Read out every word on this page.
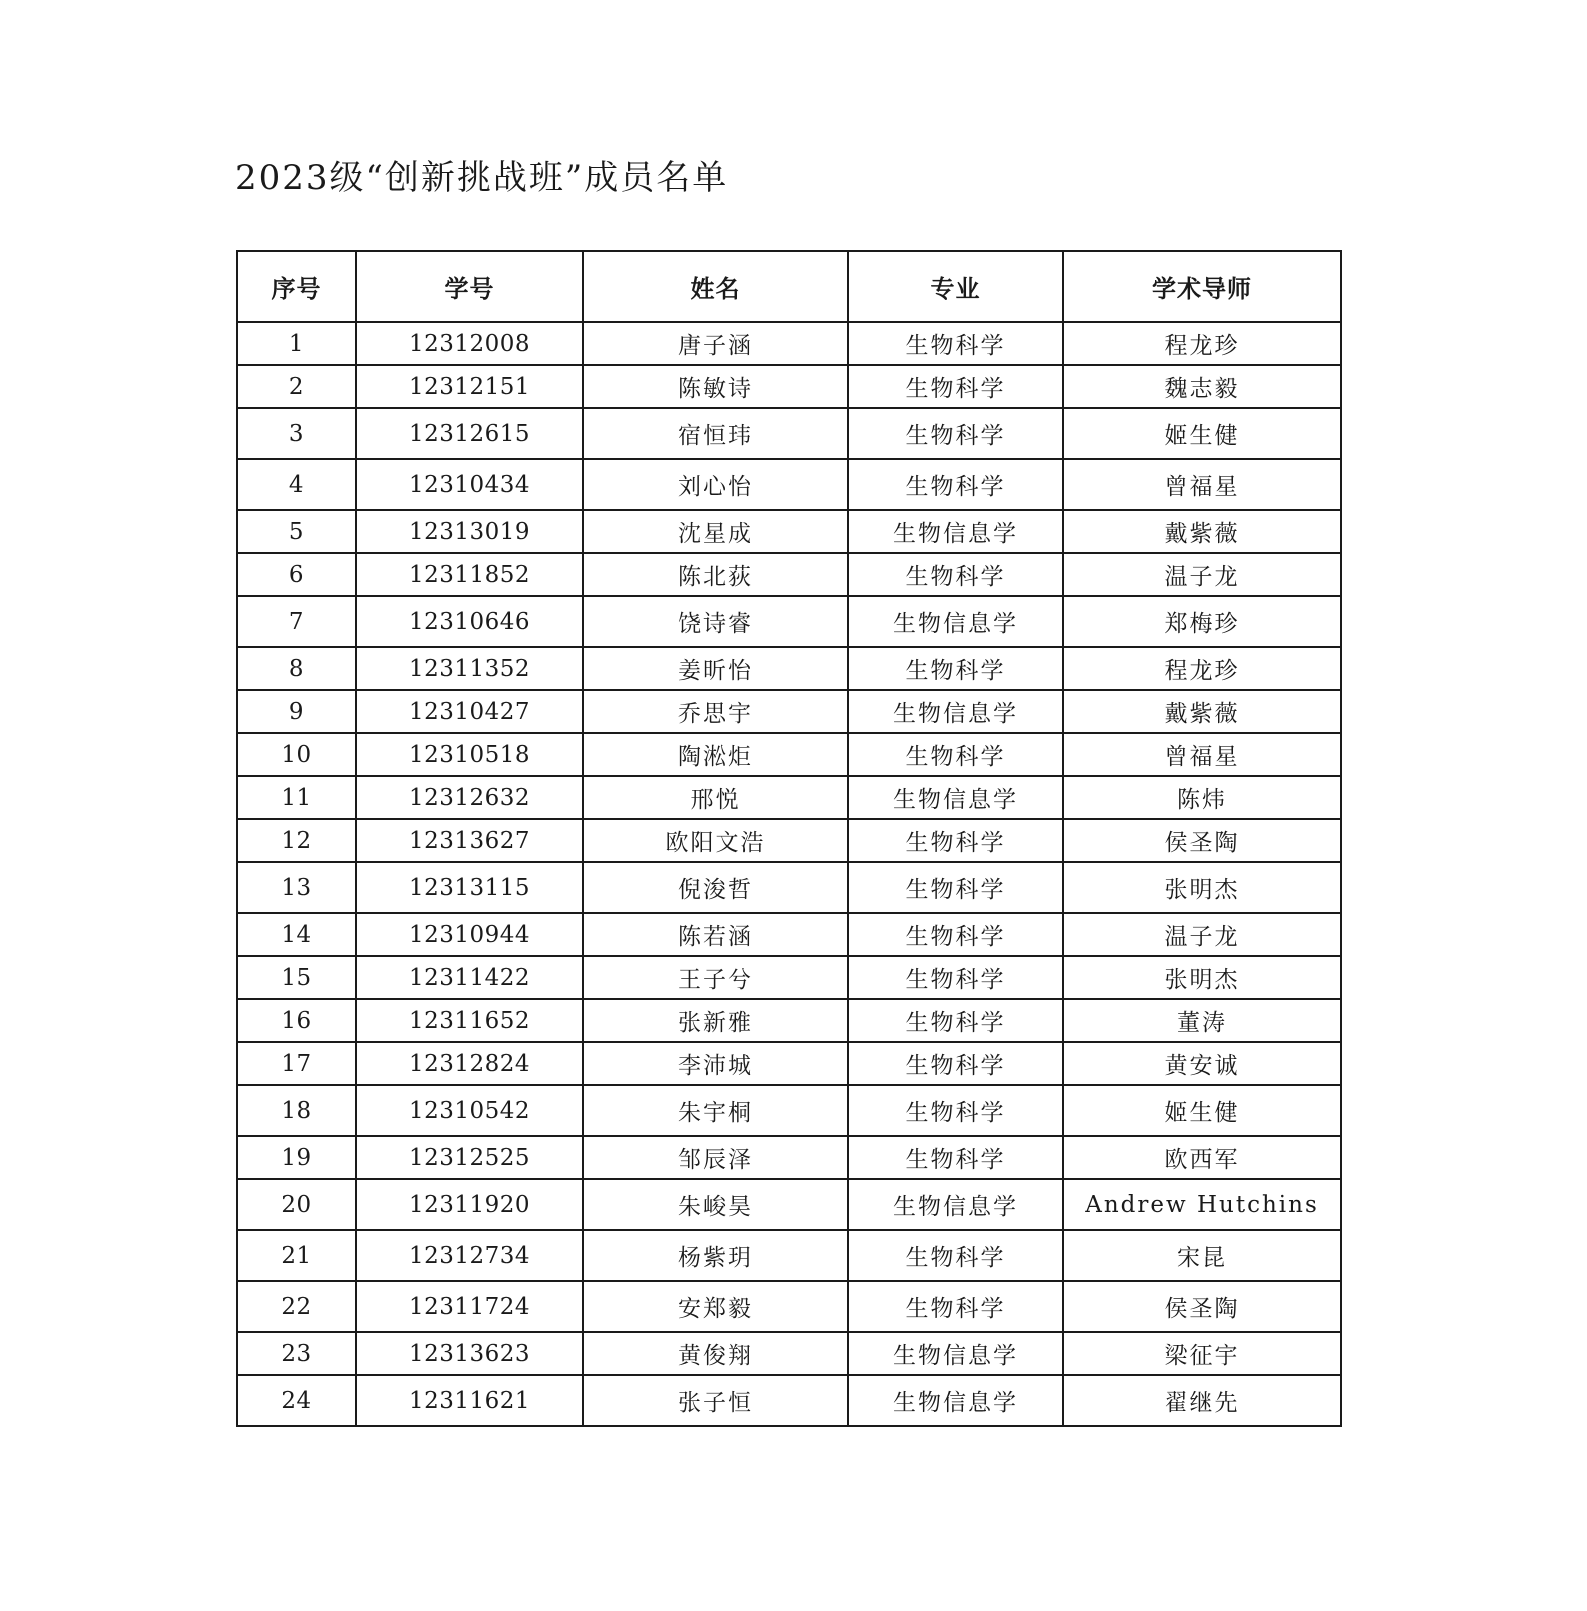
2023级“创新挑战班”成员名单
序号	学号	姓名	专业	学术导师
1	12312008	唐子涵	生物科学	程龙珍
2	12312151	陈敏诗	生物科学	魏志毅
3	12312615	宿恒玮	生物科学	姬生健
4	12310434	刘心怡	生物科学	曾福星
5	12313019	沈星成	生物信息学	戴紫薇
6	12311852	陈北荻	生物科学	温子龙
7	12310646	饶诗睿	生物信息学	郑梅珍
8	12311352	姜昕怡	生物科学	程龙珍
9	12310427	乔思宇	生物信息学	戴紫薇
10	12310518	陶淞炬	生物科学	曾福星
11	12312632	邢悦	生物信息学	陈炜
12	12313627	欧阳文浩	生物科学	侯圣陶
13	12313115	倪浚哲	生物科学	张明杰
14	12310944	陈若涵	生物科学	温子龙
15	12311422	王子兮	生物科学	张明杰
16	12311652	张新雅	生物科学	董涛
17	12312824	李沛城	生物科学	黄安诚
18	12310542	朱宇桐	生物科学	姬生健
19	12312525	邹辰泽	生物科学	欧西军
20	12311920	朱峻昊	生物信息学	Andrew Hutchins
21	12312734	杨紫玥	生物科学	宋昆
22	12311724	安郑毅	生物科学	侯圣陶
23	12313623	黄俊翔	生物信息学	梁征宇
24	12311621	张子恒	生物信息学	翟继先
